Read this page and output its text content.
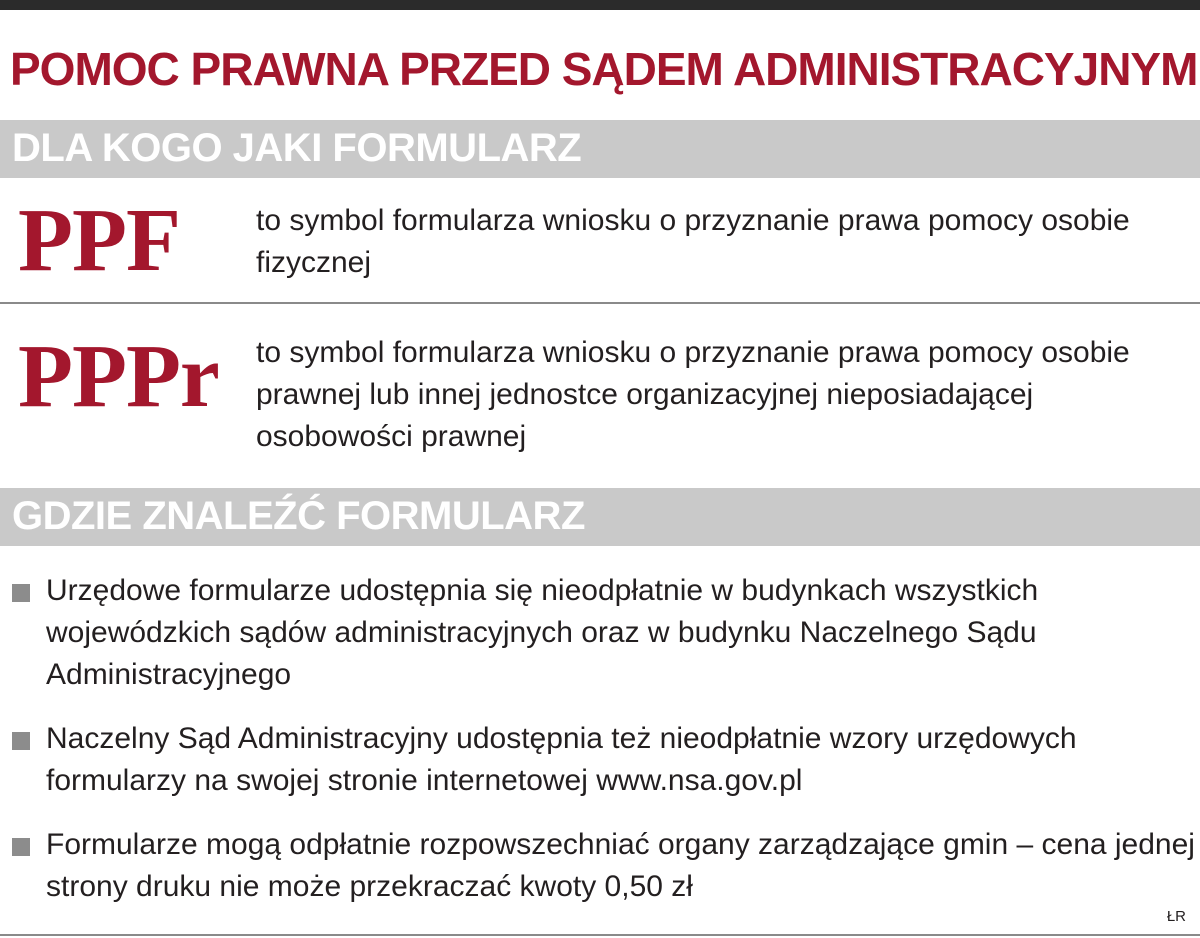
POMOC PRAWNA PRZED SĄDEM ADMINISTRACYJNYM
DLA KOGO JAKI FORMULARZ
PPF	to symbol formularza wniosku o przyznanie prawa pomocy osobie fizycznej

PPPr to symbol formularza wniosku o przyznanie prawa pomocy osobie prawnej lub innej jednostce organizacyjnej nieposiadającej osobowości prawnej

GDZIE ZNALEŹĆ FORMULARZ
Urzędowe formularze udostępnia się nieodpłatnie w budynkach wszystkich wojewódzkich sądów administracyjnych oraz w budynku Naczelnego Sądu Administracyjnego
Naczelny Sąd Administracyjny udostępnia też nieodpłatnie wzory urzędowych formularzy na swojej stronie internetowej www.nsa.gov.pl
Formularze mogą odpłatnie rozpowszechniać organy zarządzające gmin – cena jednej strony druku nie może przekraczać kwoty 0,50 zł
ŁR
